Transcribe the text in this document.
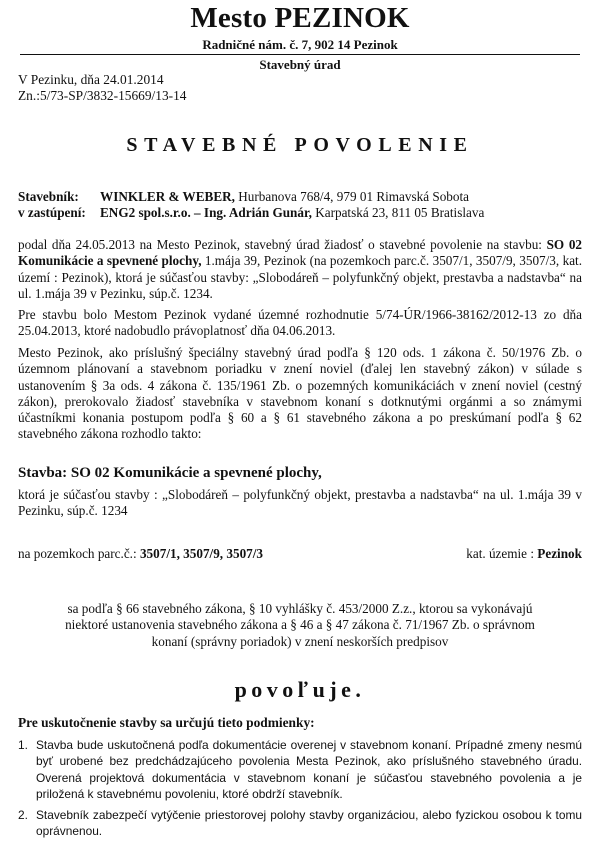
Mesto PEZINOK
Radničné nám. č. 7, 902 14 Pezinok
Stavebný úrad
V Pezinku, dňa 24.01.2014
Zn.:5/73-SP/3832-15669/13-14
STAVEBNÉ POVOLENIE
Stavebník: WINKLER & WEBER, Hurbanova 768/4, 979 01 Rimavská Sobota
v zastúpení: ENG2 spol.s.r.o. – Ing. Adrián Gunár, Karpatská 23, 811 05 Bratislava

podal dňa 24.05.2013 na Mesto Pezinok, stavebný úrad žiadosť o stavebné povolenie na stavbu: SO 02 Komunikácie a spevnené plochy, 1.mája 39, Pezinok (na pozemkoch parc.č. 3507/1, 3507/9, 3507/3, kat. území : Pezinok), ktorá je súčasťou stavby: „Slobodáreň – polyfunkčný objekt, prestavba a nadstavba“ na ul. 1.mája 39 v Pezinku, súp.č. 1234.

Pre stavbu bolo Mestom Pezinok vydané územné rozhodnutie 5/74-ÚR/1966-38162/2012-13 zo dňa 25.04.2013, ktoré nadobudlo právoplatnosť dňa 04.06.2013.

Mesto Pezinok, ako príslušný špeciálny stavebný úrad podľa § 120 ods. 1 zákona č. 50/1976 Zb. o územnom plánovaní a stavebnom poriadku v znení noviel (ďalej len stavebný zákon) v súlade s ustanovením § 3a ods. 4 zákona č. 135/1961 Zb. o pozemných komunikáciách v znení noviel (cestný zákon), prerokovalo žiadosť stavebníka v stavebnom konaní s dotknutými orgánmi a so známymi účastníkmi konania postupom podľa § 60 a § 61 stavebného zákona a po preskúmaní podľa § 62 stavebného zákona rozhodlo takto:

Stavba: SO 02 Komunikácie a spevnené plochy,

ktorá je súčasťou stavby : „Slobodáreň – polyfunkčný objekt, prestavba a nadstavba“ na ul. 1.mája 39 v Pezinku, súp.č. 1234

na pozemkoch parc.č.: 3507/1, 3507/9, 3507/3	kat. územie : Pezinok

sa podľa § 66 stavebného zákona, § 10 vyhlášky č. 453/2000 Z.z., ktorou sa vykonávajú niektoré ustanovenia stavebného zákona a § 46 a § 47 zákona č. 71/1967 Zb. o správnom konaní (správny poriadok) v znení neskorších predpisov

povoľuje.
Pre uskutočnenie stavby sa určujú tieto podmienky:
1. Stavba bude uskutočnená podľa dokumentácie overenej v stavebnom konaní. Prípadné zmeny nesmú byť urobené bez predchádzajúceho povolenia Mesta Pezinok, ako príslušného stavebného úradu. Overená projektová dokumentácia v stavebnom konaní je súčasťou stavebného povolenia a je priložená k stavebnému povoleniu, ktoré obdrží stavebník.
2. Stavebník zabezpečí vytýčenie priestorovej polohy stavby organizáciou, alebo fyzickou osobou k tomu oprávnenou.
